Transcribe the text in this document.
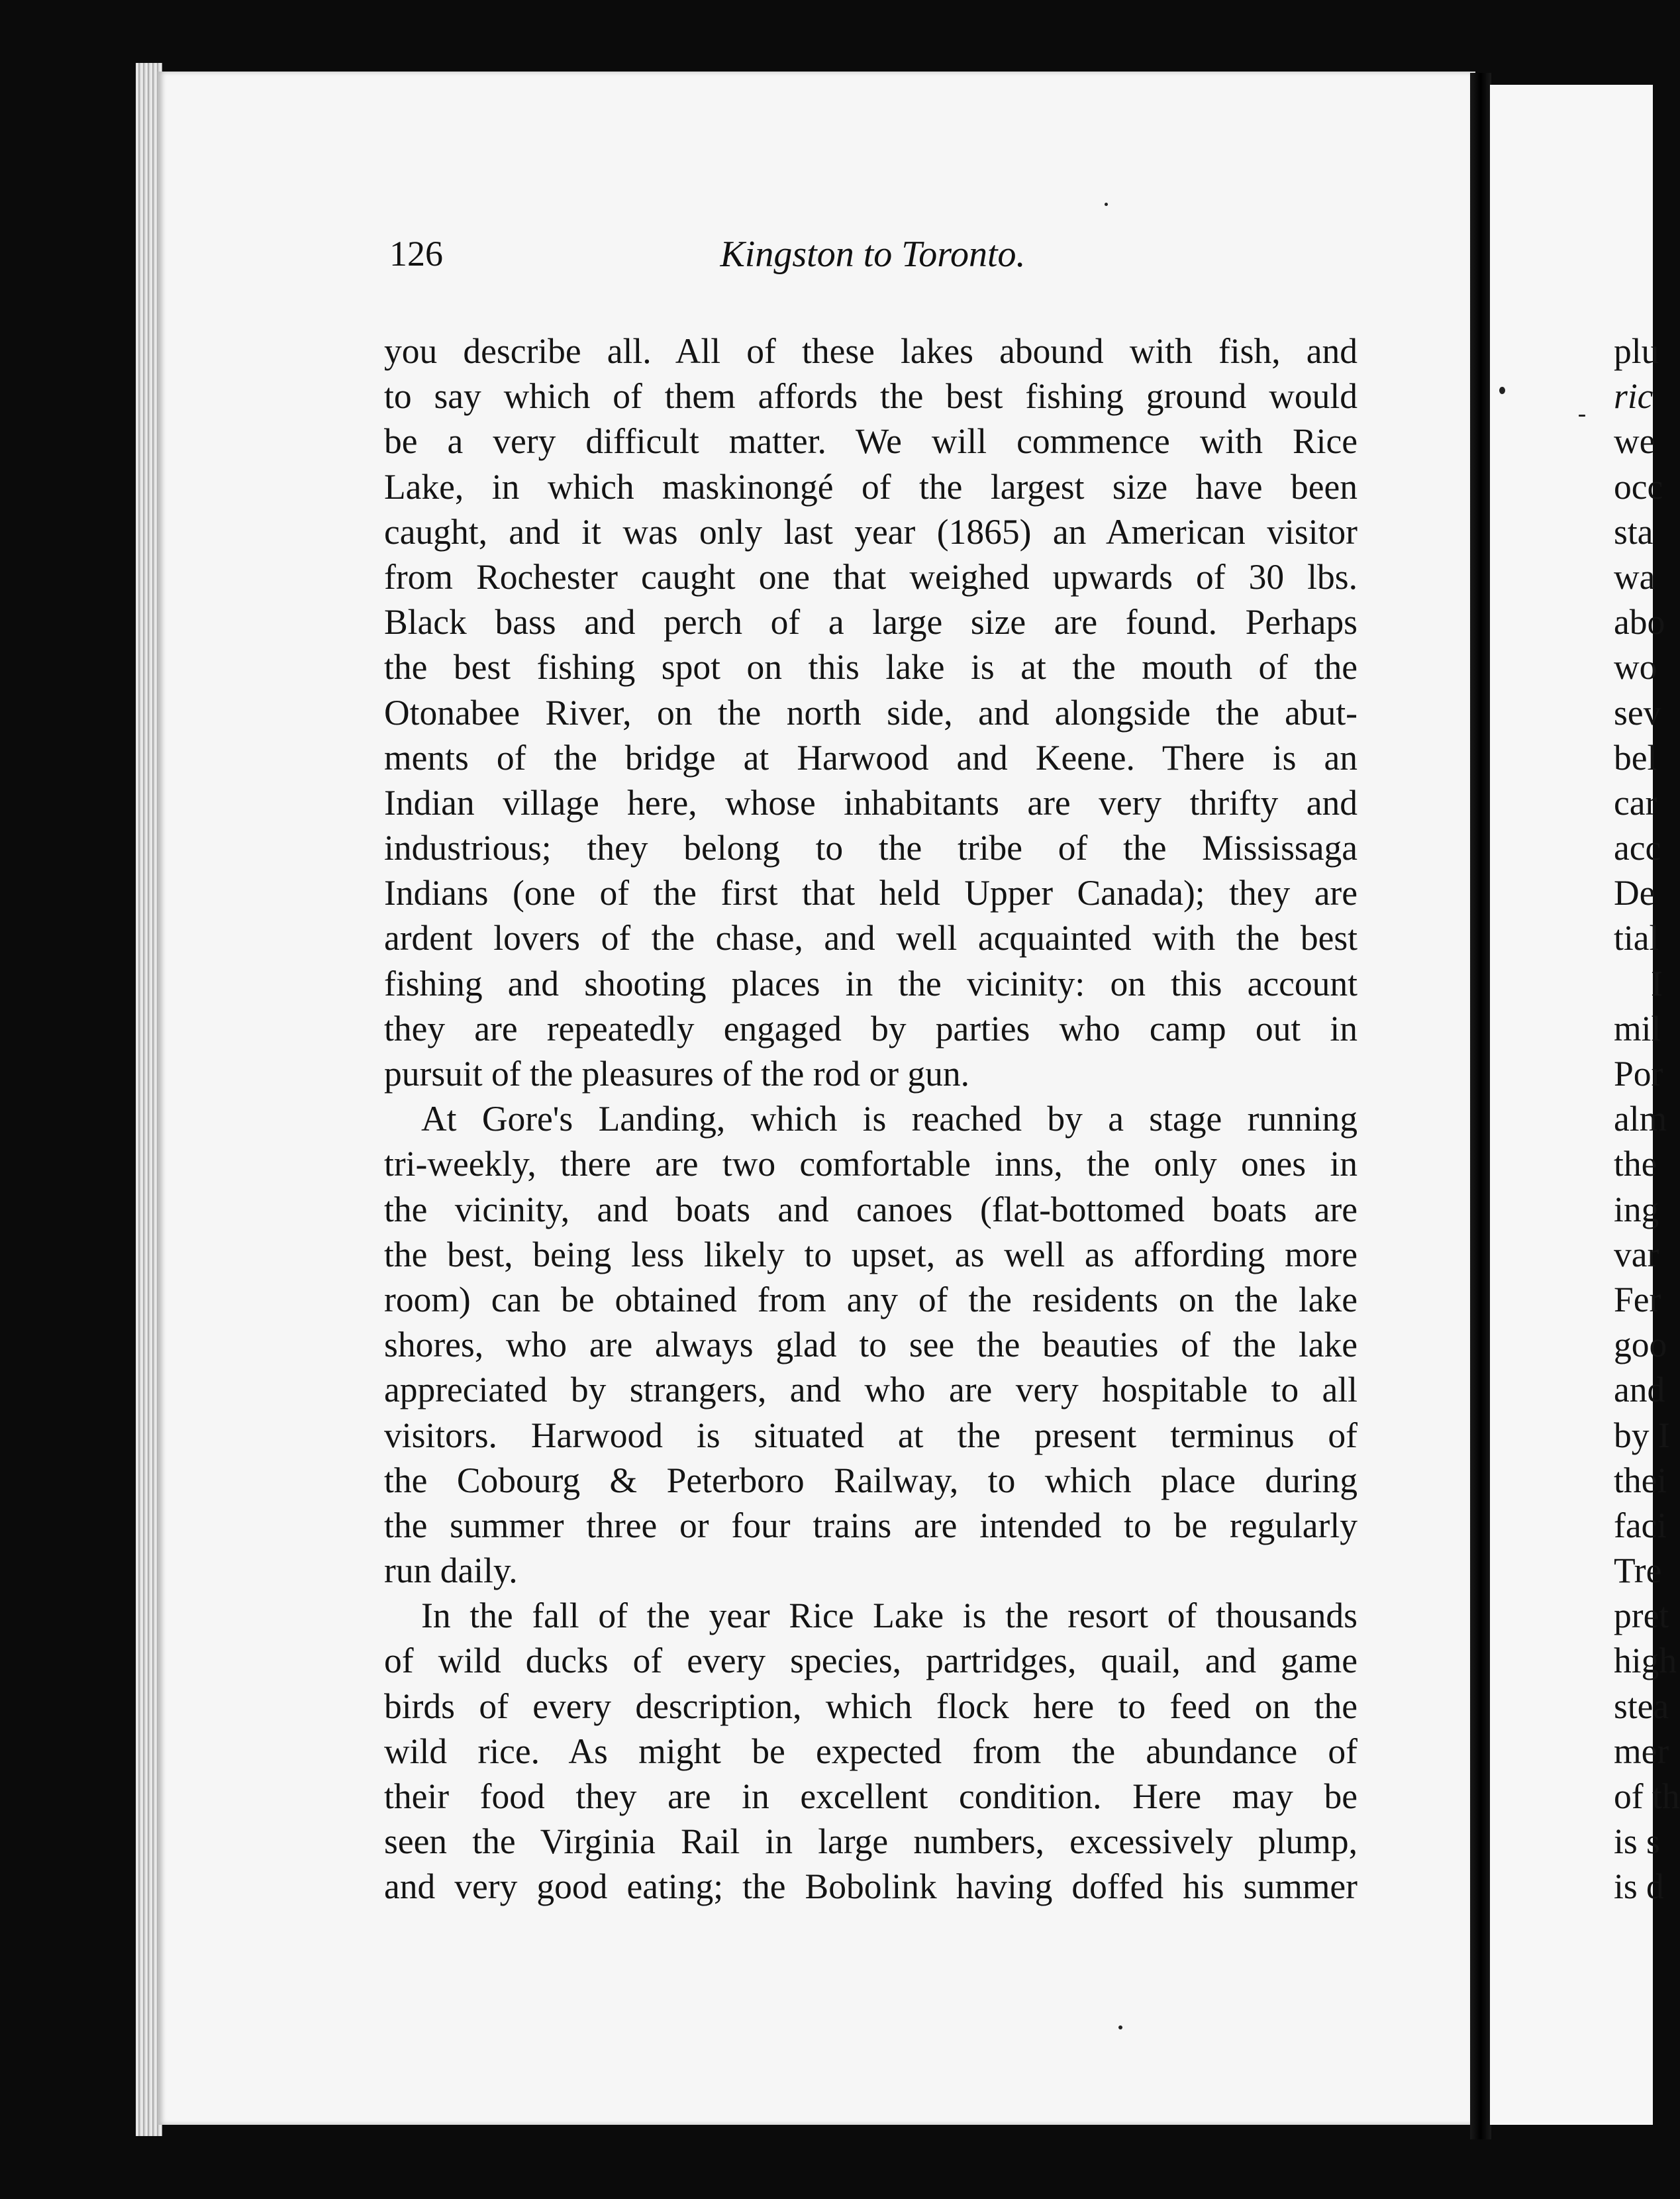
126	Kingston to Toronto.
you describe all. All of these lakes abound with fish, and
to say which of them affords the best fishing ground would
be a very difficult matter. We will commence with Rice
Lake, in which maskinongé of the largest size have been
caught, and it was only last year (1865) an American visitor
from Rochester caught one that weighed upwards of 30 lbs.
Black bass and perch of a large size are found. Perhaps
the best fishing spot on this lake is at the mouth of the
Otonabee River, on the north side, and alongside the abut-
ments of the bridge at Harwood and Keene. There is an
Indian village here, whose inhabitants are very thrifty and
industrious; they belong to the tribe of the Mississaga
Indians (one of the first that held Upper Canada); they are
ardent lovers of the chase, and well acquainted with the best
fishing and shooting places in the vicinity: on this account
they are repeatedly engaged by parties who camp out in
pursuit of the pleasures of the rod or gun.
At Gore's Landing, which is reached by a stage running
tri-weekly, there are two comfortable inns, the only ones in
the vicinity, and boats and canoes (flat-bottomed boats are
the best, being less likely to upset, as well as affording more
room) can be obtained from any of the residents on the lake
shores, who are always glad to see the beauties of the lake
appreciated by strangers, and who are very hospitable to all
visitors. Harwood is situated at the present terminus of
the Cobourg & Peterboro Railway, to which place during
the summer three or four trains are intended to be regularly
run daily.
In the fall of the year Rice Lake is the resort of thousands
of wild ducks of every species, partridges, quail, and game
birds of every description, which flock here to feed on the
wild rice. As might be expected from the abundance of
their food they are in excellent condition. Here may be
seen the Virginia Rail in large numbers, excessively plump,
and very good eating; the Bobolink having doffed his summer
plu
ric
we
occ
sta
wa
abo
wo
sev
bel
car
acc
De
tial
I
mil
Por
alm
the
ing
var
Fer
goo
and
by I
thei
faci
Tre
pret
high
stea
mer
of th
is s
is d
